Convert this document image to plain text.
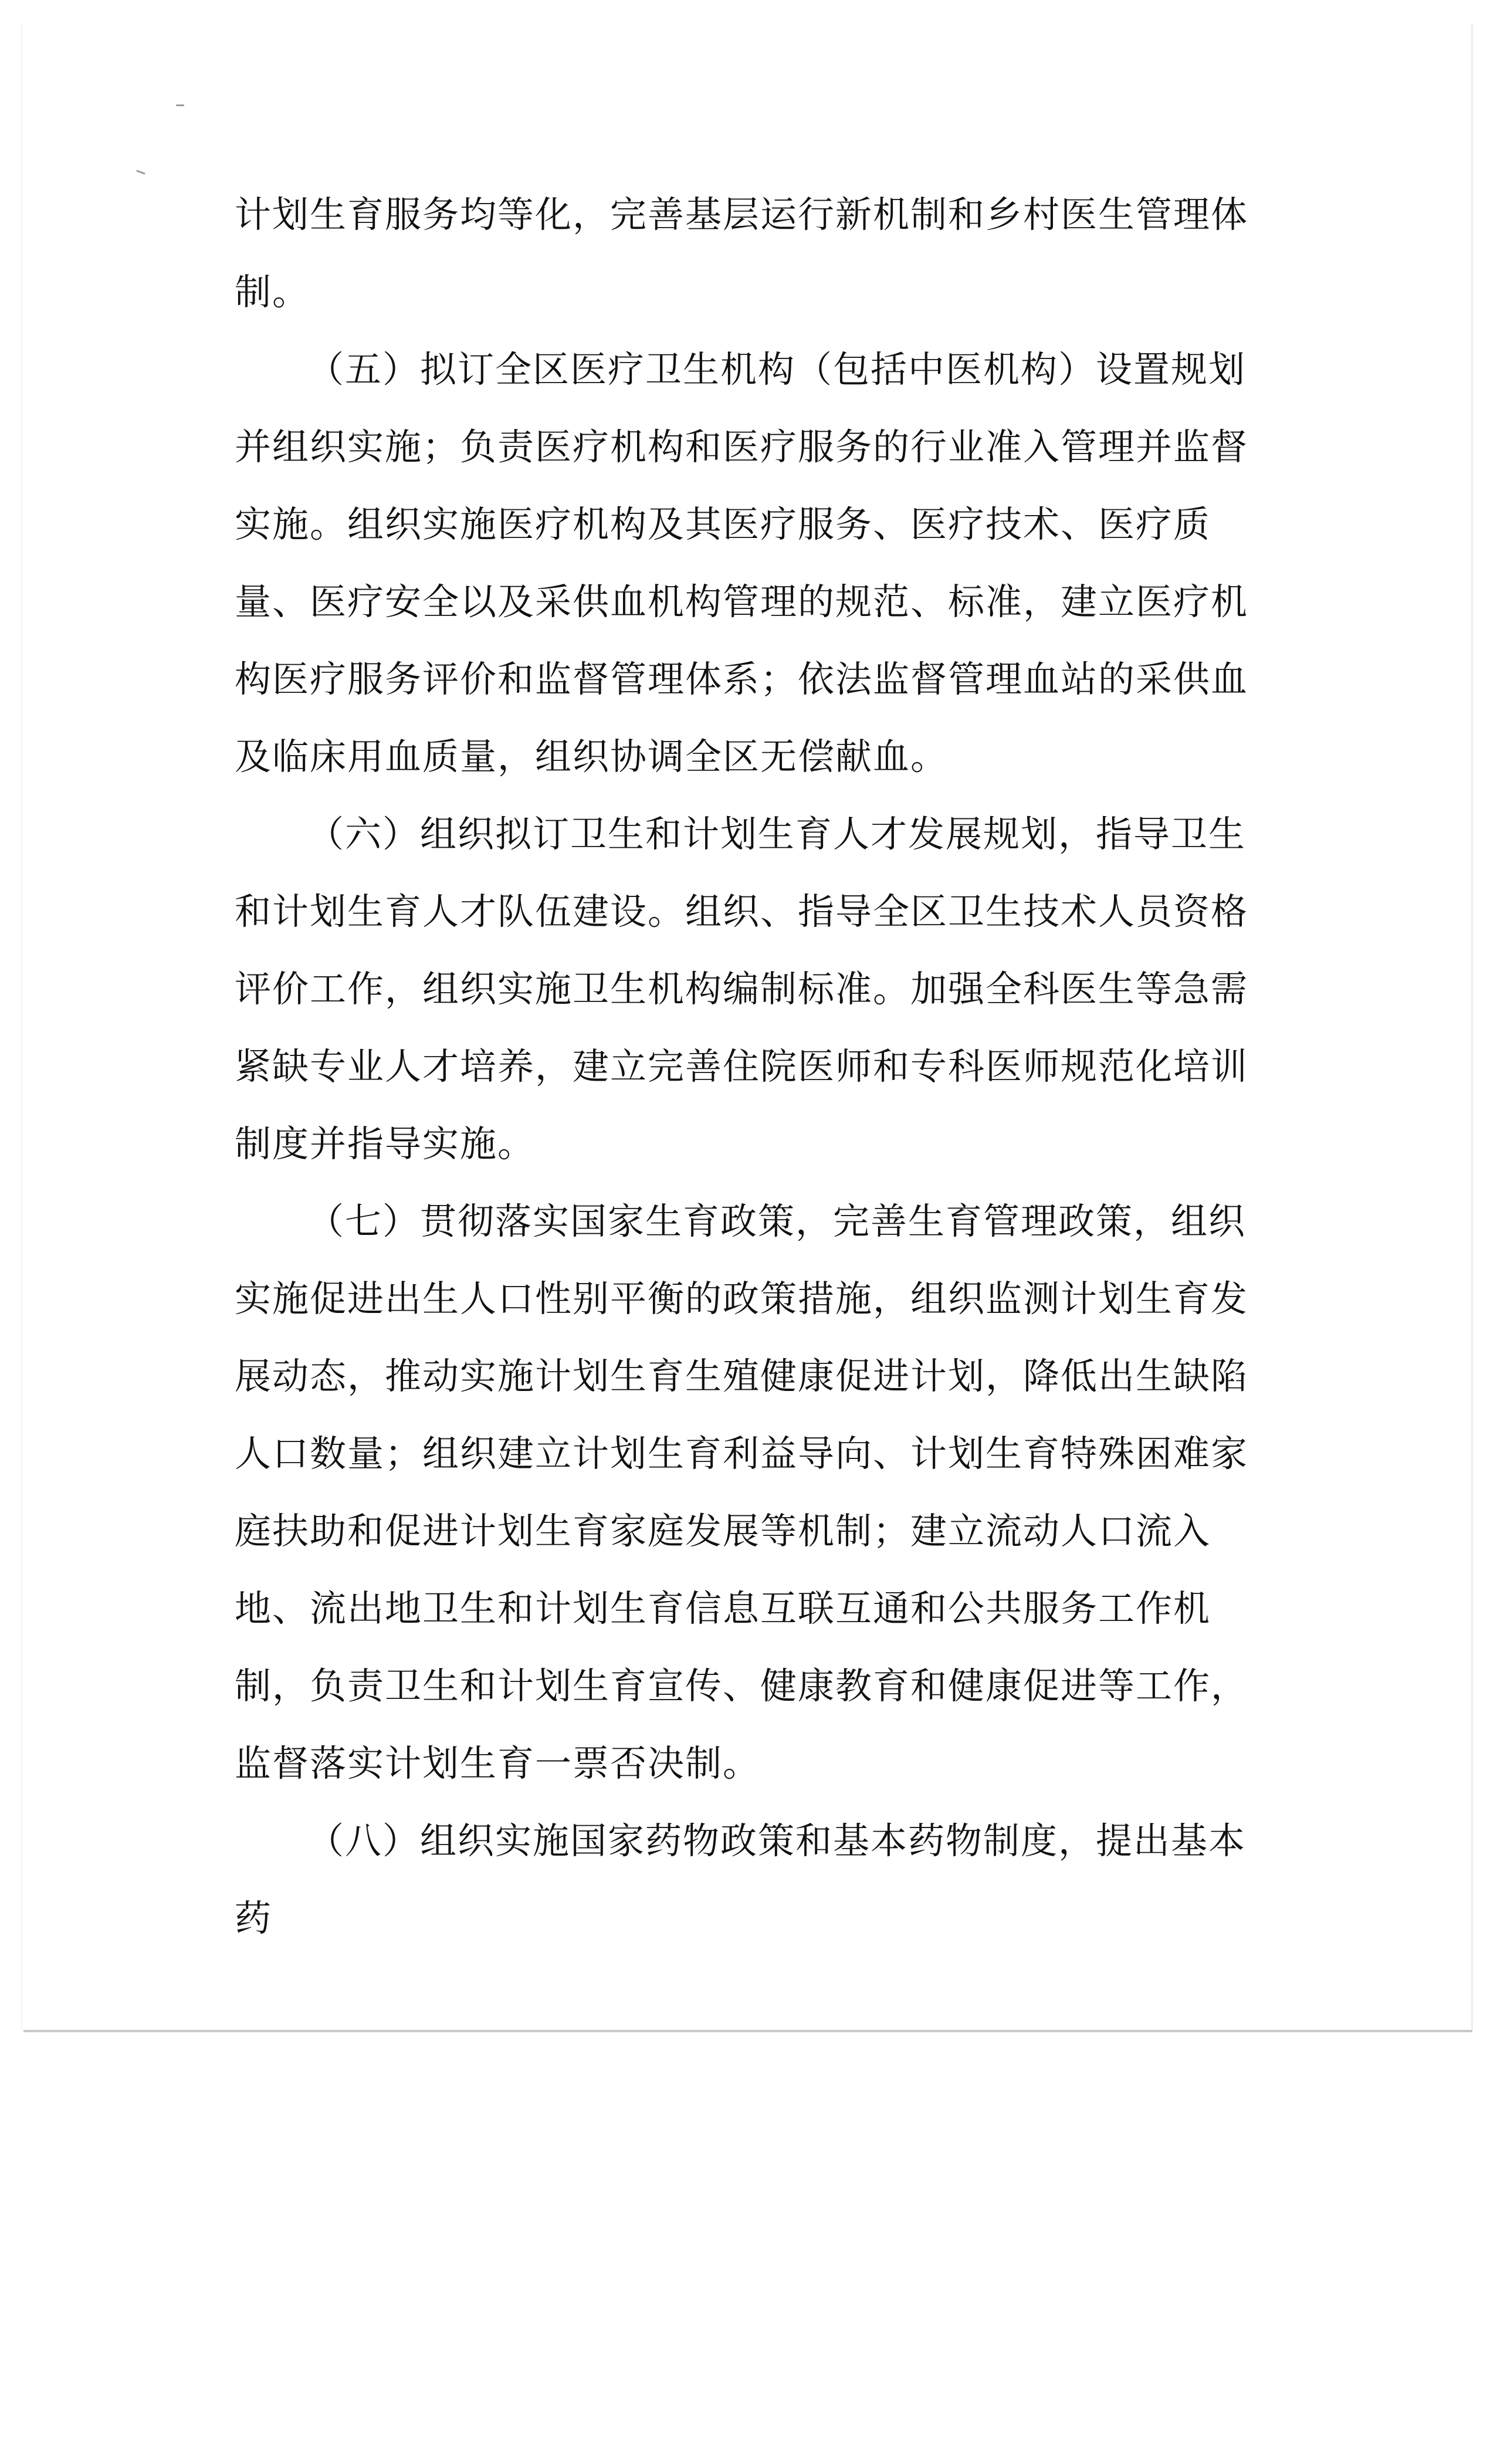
计划生育服务均等化，完善基层运行新机制和乡村医生管理体制。

（五）拟订全区医疗卫生机构（包括中医机构）设置规划并组织实施；负责医疗机构和医疗服务的行业准入管理并监督实施。组织实施医疗机构及其医疗服务、医疗技术、医疗质量、医疗安全以及采供血机构管理的规范、标准，建立医疗机构医疗服务评价和监督管理体系；依法监督管理血站的采供血及临床用血质量，组织协调全区无偿献血。

（六）组织拟订卫生和计划生育人才发展规划，指导卫生和计划生育人才队伍建设。组织、指导全区卫生技术人员资格评价工作，组织实施卫生机构编制标准。加强全科医生等急需紧缺专业人才培养，建立完善住院医师和专科医师规范化培训制度并指导实施。

（七）贯彻落实国家生育政策，完善生育管理政策，组织实施促进出生人口性别平衡的政策措施，组织监测计划生育发展动态，推动实施计划生育生殖健康促进计划，降低出生缺陷人口数量；组织建立计划生育利益导向、计划生育特殊困难家庭扶助和促进计划生育家庭发展等机制；建立流动人口流入地、流出地卫生和计划生育信息互联互通和公共服务工作机制，负责卫生和计划生育宣传、健康教育和健康促进等工作，监督落实计划生育一票否决制。

（八）组织实施国家药物政策和基本药物制度，提出基本药
